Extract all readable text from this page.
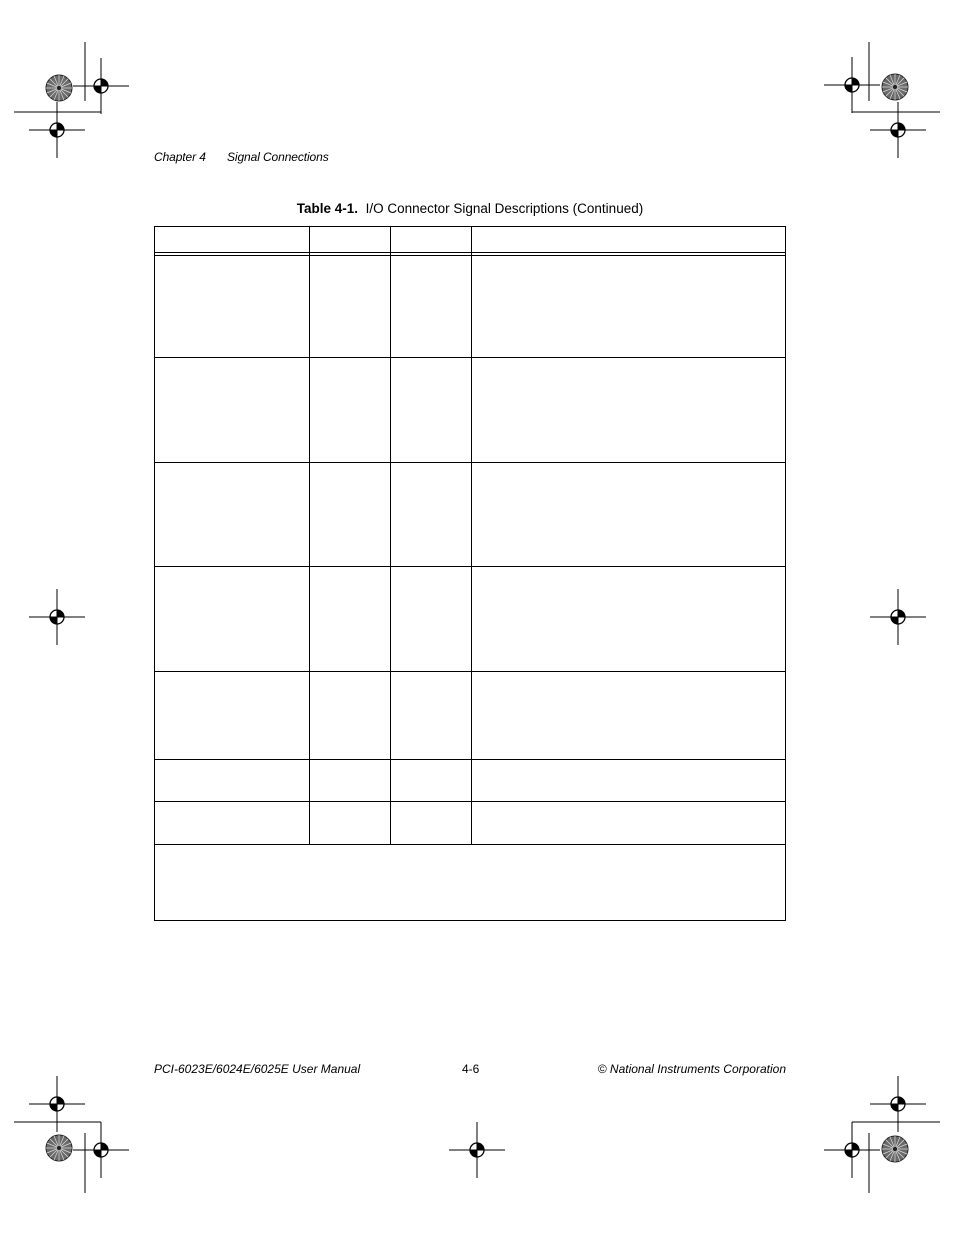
Chapter 4 Signal Connections
Table 4-1. I/O Connector Signal Descriptions (Continued)
PCI-6023E/6024E/6025E User Manual	4-6	© National Instruments Corporation
